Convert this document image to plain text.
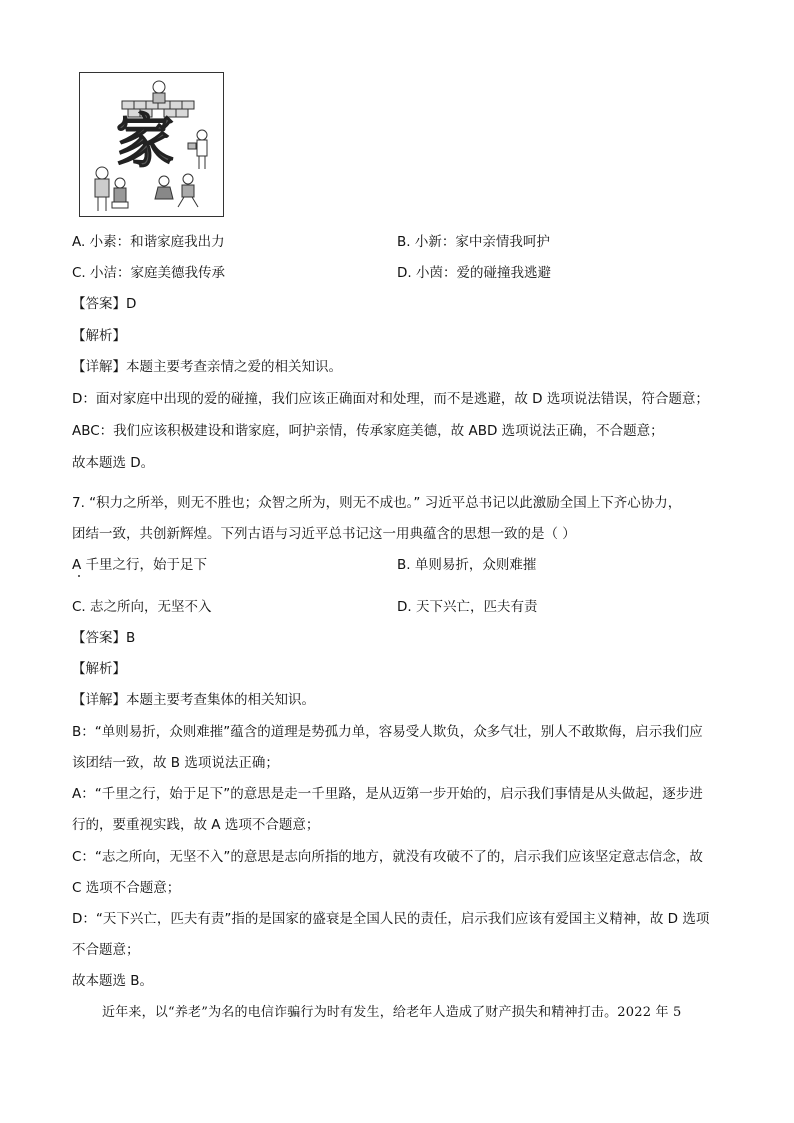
家
A. 小素：和谐家庭我出力	B. 小新：家中亲情我呵护
C. 小洁：家庭美德我传承	D. 小茵：爱的碰撞我逃避
【答案】D
【解析】
【详解】本题主要考查亲情之爱的相关知识。
D：面对家庭中出现的爱的碰撞，我们应该正确面对和处理，而不是逃避，故 D 选项说法错误，符合题意；
ABC：我们应该积极建设和谐家庭，呵护亲情，传承家庭美德，故 ABD 选项说法正确，不合题意；
故本题选 D。
7. “积力之所举，则无不胜也；众智之所为，则无不成也。” 习近平总书记以此激励全国上下齐心协力，
团结一致，共创新辉煌。下列古语与习近平总书记这一用典蕴含的思想一致的是（ ）
A 千里之行，始于足下	B. 单则易折，众则难摧
C. 志之所向，无坚不入	D. 天下兴亡，匹夫有责
【答案】B
【解析】
【详解】本题主要考查集体的相关知识。
B：“单则易折，众则难摧”蕴含的道理是势孤力单，容易受人欺负，众多气壮，别人不敢欺侮，启示我们应
该团结一致，故 B 选项说法正确；
A：“千里之行，始于足下”的意思是走一千里路，是从迈第一步开始的，启示我们事情是从头做起，逐步进
行的，要重视实践，故 A 选项不合题意；
C：“志之所向，无坚不入”的意思是志向所指的地方，就没有攻破不了的，启示我们应该坚定意志信念，故
C 选项不合题意；
D：“天下兴亡，匹夫有责”指的是国家的盛衰是全国人民的责任，启示我们应该有爱国主义精神，故 D 选项
不合题意；
故本题选 B。
近年来，以“养老”为名的电信诈骗行为时有发生，给老年人造成了财产损失和精神打击。2022 年 5
